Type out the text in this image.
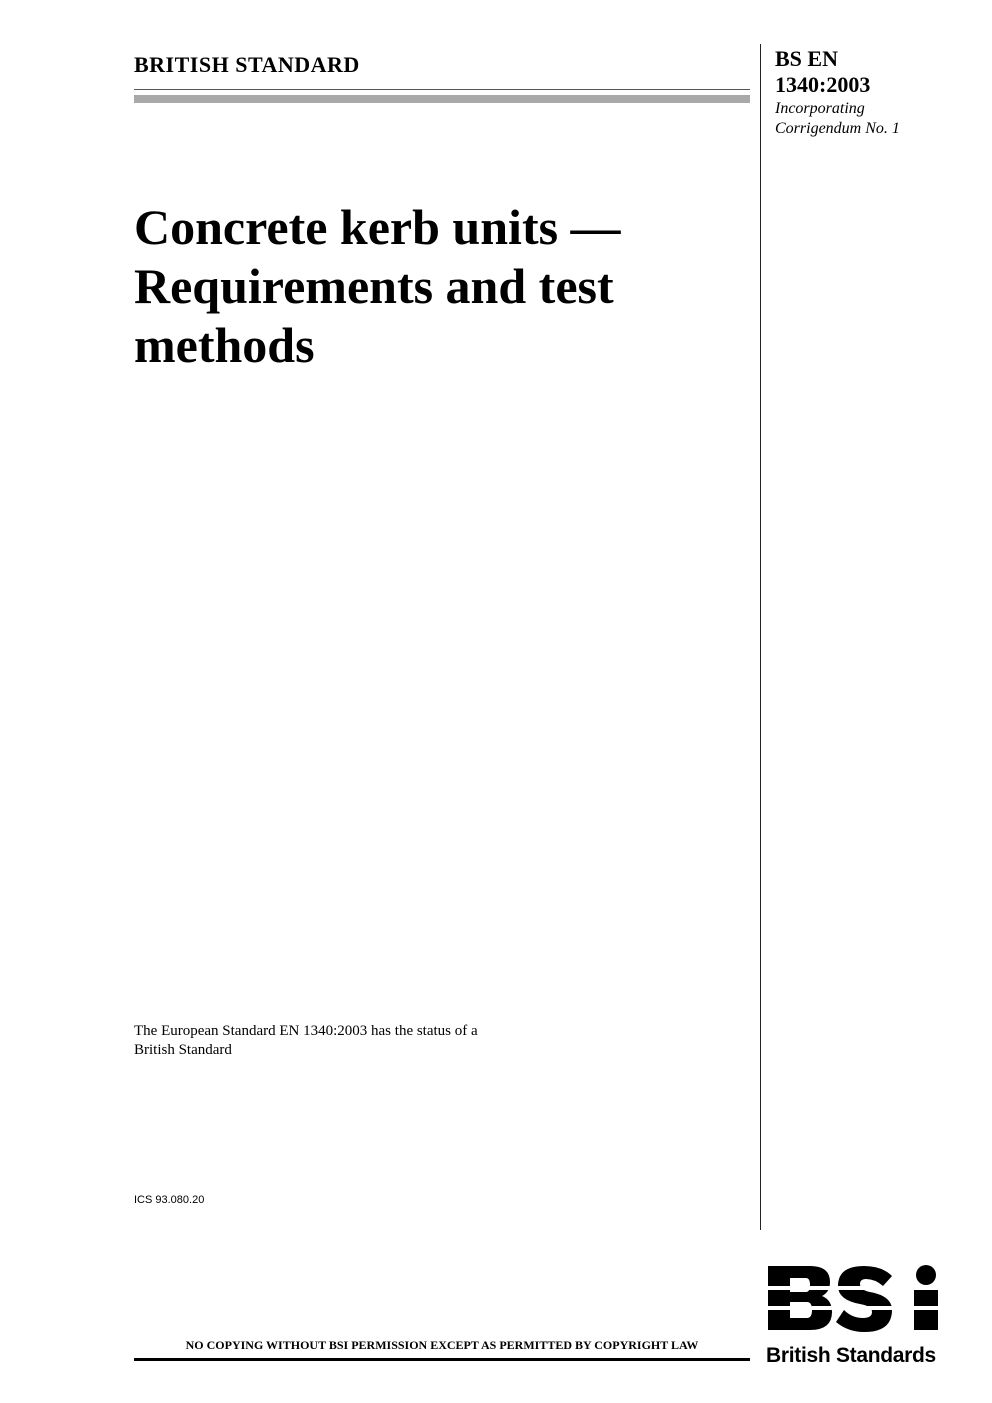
BRITISH STANDARD	BS EN
1340:2003
Incorporating
Corrigendum No. 1
Concrete kerb units —
Requirements and test
methods
The European Standard EN 1340:2003 has the status of a
British Standard
ICS 93.080.20
NO COPYING WITHOUT BSI PERMISSION EXCEPT AS PERMITTED BY COPYRIGHT LAW	British Standards
